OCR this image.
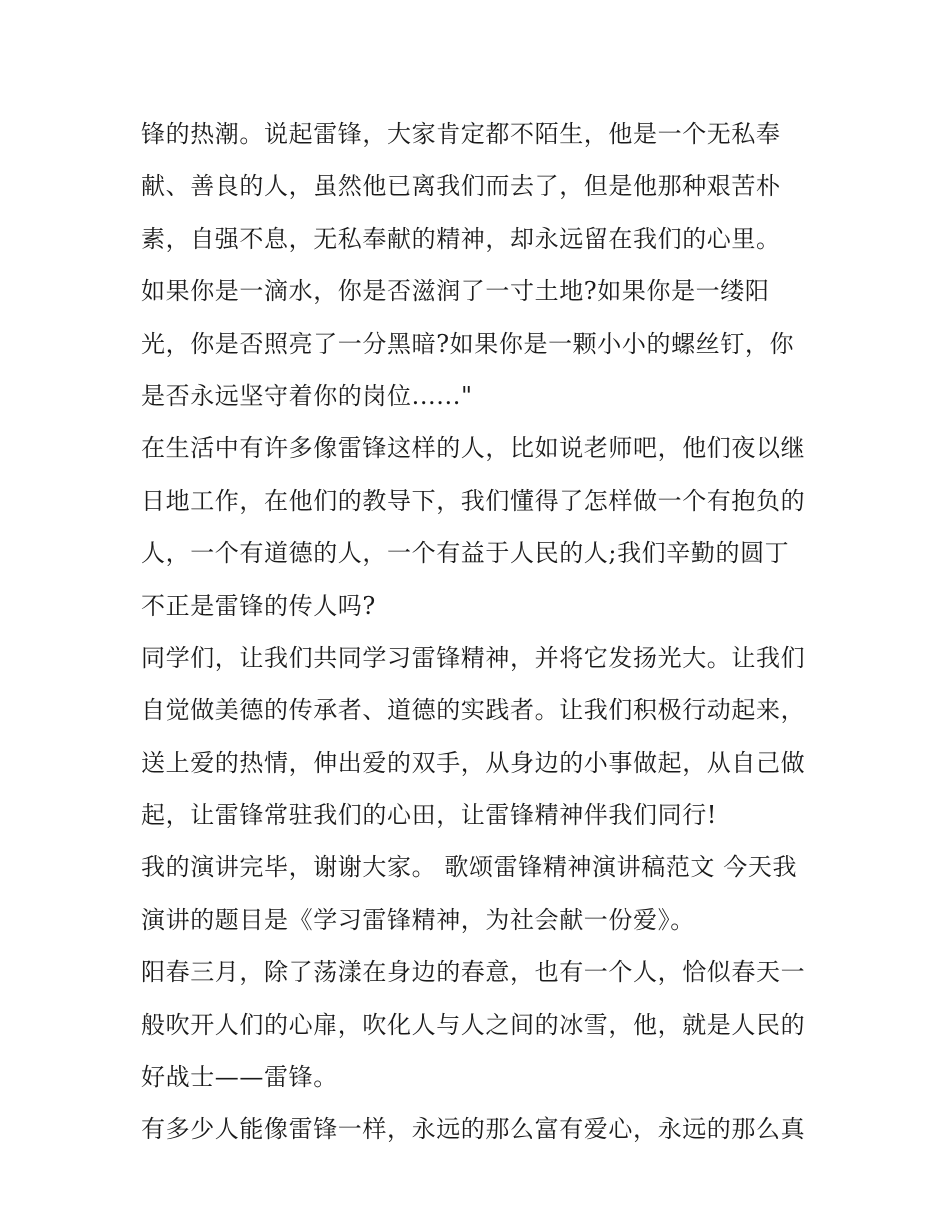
锋的热潮。说起雷锋，大家肯定都不陌生，他是一个无私奉
献、善良的人，虽然他已离我们而去了，但是他那种艰苦朴
素，自强不息，无私奉献的精神，却永远留在我们的心里。
如果你是一滴水，你是否滋润了一寸土地?如果你是一缕阳
光，你是否照亮了一分黑暗?如果你是一颗小小的螺丝钉，你
是否永远坚守着你的岗位......"
在生活中有许多像雷锋这样的人，比如说老师吧，他们夜以继
日地工作，在他们的教导下，我们懂得了怎样做一个有抱负的
人，一个有道德的人，一个有益于人民的人;我们辛勤的圆丁
不正是雷锋的传人吗?
同学们，让我们共同学习雷锋精神，并将它发扬光大。让我们
自觉做美德的传承者、道德的实践者。让我们积极行动起来，
送上爱的热情，伸出爱的双手，从身边的小事做起，从自己做
起，让雷锋常驻我们的心田，让雷锋精神伴我们同行!
我的演讲完毕，谢谢大家。 歌颂雷锋精神演讲稿范文 今天我
演讲的题目是《学习雷锋精神，为社会献一份爱》。
阳春三月，除了荡漾在身边的春意，也有一个人，恰似春天一
般吹开人们的心扉，吹化人与人之间的冰雪，他，就是人民的
好战士——雷锋。
有多少人能像雷锋一样，永远的那么富有爱心，永远的那么真
